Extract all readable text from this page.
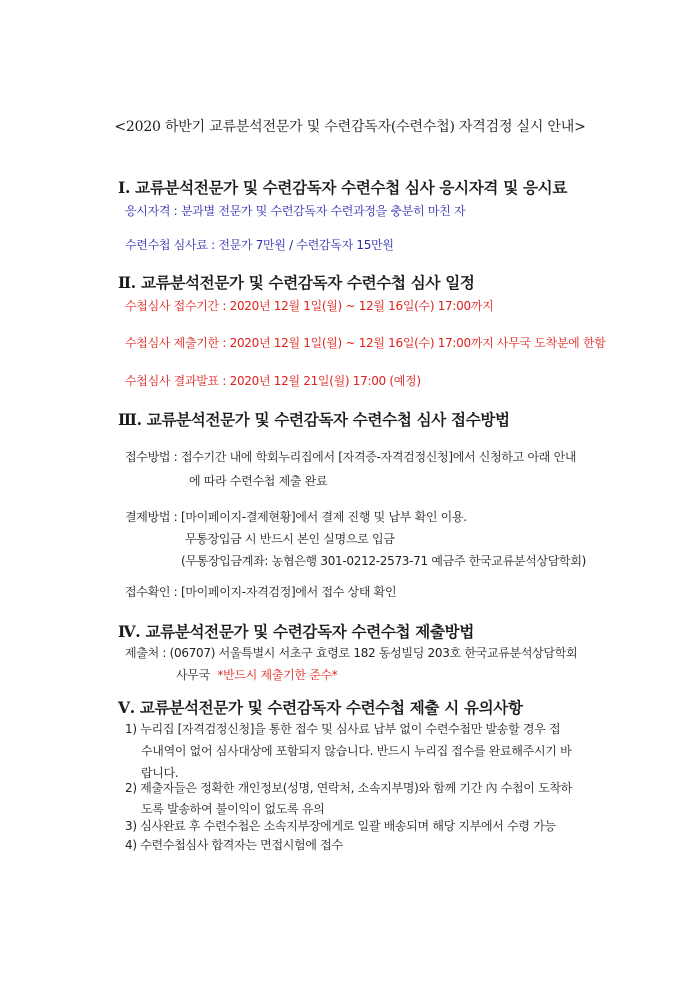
<2020 하반기 교류분석전문가 및 수련감독자(수련수첩) 자격검정 실시 안내>
Ⅰ. 교류분석전문가 및 수련감독자 수련수첩 심사 응시자격 및 응시료
응시자격 : 분과별 전문가 및 수련감독자 수련과정을 충분히 마친 자
수련수첩 심사료 : 전문가 7만원 / 수련감독자 15만원
Ⅱ. 교류분석전문가 및 수련감독자 수련수첩 심사 일정
수첩심사 접수기간 : 2020년 12월 1일(월) ~ 12월 16일(수) 17:00까지
수첩심사 제출기한 : 2020년 12월 1일(월) ~ 12월 16일(수) 17:00까지 사무국 도착분에 한함
수첩심사 결과발표 : 2020년 12월 21일(월) 17:00 (예정)
Ⅲ. 교류분석전문가 및 수련감독자 수련수첩 심사 접수방법
접수방법 : 접수기간 내에 학회누리집에서 [자격증-자격검정신청]에서 신청하고 아래 안내
에 따라 수련수첩 제출 완료
결제방법 : [마이페이지-결제현황]에서 결제 진행 및 납부 확인 이용.
무통장입금 시 반드시 본인 실명으로 입금
(무통장입금계좌: 농협은행 301-0212-2573-71 예금주 한국교류분석상담학회)
접수확인 : [마이페이지-자격검정]에서 접수 상태 확인
Ⅳ. 교류분석전문가 및 수련감독자 수련수첩 제출방법
제출처 : (06707) 서울특별시 서초구 효령로 182 동성빌딩 203호 한국교류분석상담학회
사무국 *반드시 제출기한 준수*
Ⅴ. 교류분석전문가 및 수련감독자 수련수첩 제출 시 유의사항
1) 누리집 [자격검정신청]을 통한 접수 및 심사료 납부 없이 수련수첩만 발송할 경우 접
수내역이 없어 심사대상에 포함되지 않습니다. 반드시 누리집 접수를 완료해주시기 바
랍니다.
2) 제출자들은 정확한 개인정보(성명, 연락처, 소속지부명)와 함께 기간 內 수첩이 도착하
도록 발송하여 불이익이 없도록 유의
3) 심사완료 후 수련수첩은 소속지부장에게로 일괄 배송되며 해당 지부에서 수령 가능
4) 수련수첩심사 합격자는 면접시험에 접수
